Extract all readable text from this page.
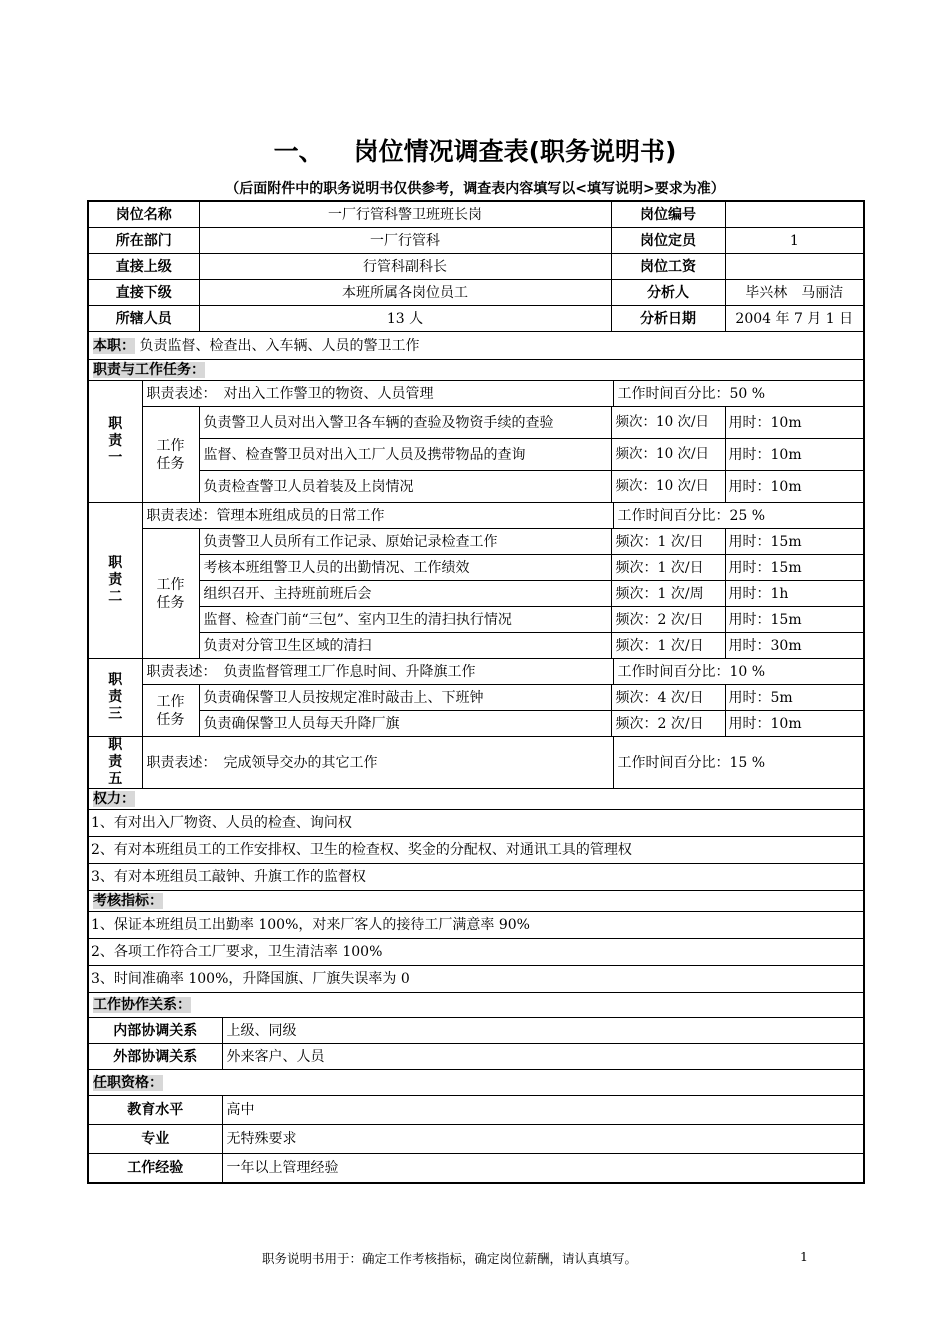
一、 岗位情况调查表(职务说明书)
（后面附件中的职务说明书仅供参考，调查表内容填写以<填写说明>要求为准）
岗位名称		一厂行管科警卫班班长岗		岗位编号		
所在部门		一厂行管科		岗位定员		1
直接上级		行管科副科长		岗位工资		
直接下级		本班所属各岗位员工		分析人		毕兴林　马丽洁
所辖人员		13 人		分析日期		2004 年 7 月 1 日
本职： 负责监督、检查出、入车辆、人员的警卫工作						
职责与工作任务：						

职责一	职责表述：　对出入工作警卫的物资、人员管理				工作时间百分比：50 %	

	工作任务	负责警卫人员对出入警卫各车辆的查验及物资手续的查验		频次：10 次/日		用时：10m
		监督、检查警卫员对出入工厂人员及携带物品的查询		频次：10 次/日		用时：10m
		负责检查警卫人员着装及上岗情况		频次：10 次/日		用时：10m

职责二	职责表述：管理本班组成员的日常工作				工作时间百分比：25 %	

	工作任务	负责警卫人员所有工作记录、原始记录检查工作		频次：1 次/日		用时：15m
		考核本班组警卫人员的出勤情况、工作绩效		频次：1 次/日		用时：15m
		组织召开、主持班前班后会		频次：1 次/周		用时：1h
		监督、检查门前“三包”、室内卫生的清扫执行情况		频次：2 次/日		用时：15m
		负责对分管卫生区域的清扫		频次：1 次/日		用时：30m

职责三	职责表述：　负责监督管理工厂作息时间、升降旗工作				工作时间百分比：10 %	

	工作任务	负责确保警卫人员按规定准时敲击上、下班钟		频次：4 次/日		用时：5m
		负责确保警卫人员每天升降厂旗		频次：2 次/日		用时：10m

职责五	职责表述：　完成领导交办的其它工作				工作时间百分比：15 %	
权力：						
1、有对出入厂物资、人员的检查、询问权						
2、有对本班组员工的工作安排权、卫生的检查权、奖金的分配权、对通讯工具的管理权						
3、有对本班组员工敲钟、升旗工作的监督权						
考核指标：						
1、保证本班组员工出勤率 100%，对来厂客人的接待工厂满意率 90%						
2、各项工作符合工厂要求，卫生清洁率 100%						
3、时间准确率 100%，升降国旗、厂旗失误率为 0						
工作协作关系：						
内部协调关系			上级、同级			
外部协调关系			外来客户、人员			
任职资格：						
教育水平			高中			
专业			无特殊要求			
工作经验			一年以上管理经验			
职务说明书用于：确定工作考核指标，确定岗位薪酬，请认真填写。	1
